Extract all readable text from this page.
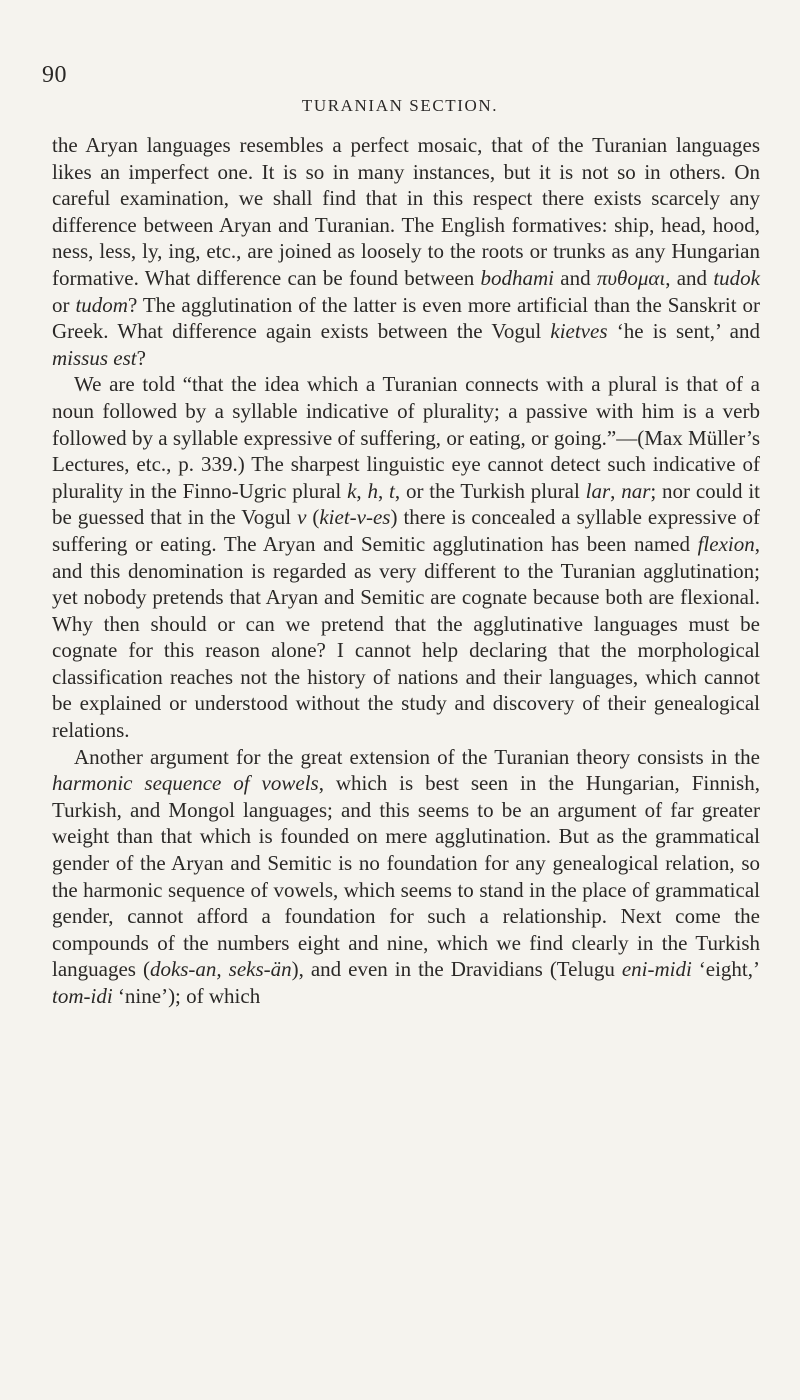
90
TURANIAN SECTION.

the Aryan languages resembles a perfect mosaic, that of the Turanian languages likes an imperfect one. It is so in many instances, but it is not so in others. On careful examination, we shall find that in this respect there exists scarcely any difference between Aryan and Turanian. The English formatives: ship, head, hood, ness, less, ly, ing, etc., are joined as loosely to the roots or trunks as any Hungarian formative. What difference can be found between bodhami and πυθομαι, and tudok or tudom? The agglutination of the latter is even more artificial than the Sanskrit or Greek. What difference again exists between the Vogul kietves ‘he is sent,’ and missus est?

We are told “that the idea which a Turanian connects with a plural is that of a noun followed by a syllable indicative of plurality; a passive with him is a verb followed by a syllable expressive of suffering, or eating, or going.”—(Max Müller’s Lectures, etc., p. 339.) The sharpest linguistic eye cannot detect such indicative of plurality in the Finno-Ugric plural k, h, t, or the Turkish plural lar, nar; nor could it be guessed that in the Vogul v (kiet-v-es) there is concealed a syllable expressive of suffering or eating. The Aryan and Semitic agglutination has been named flexion, and this denomination is regarded as very different to the Turanian agglutination; yet nobody pretends that Aryan and Semitic are cognate because both are flexional. Why then should or can we pretend that the agglutinative languages must be cognate for this reason alone? I cannot help declaring that the morphological classification reaches not the history of nations and their languages, which cannot be explained or understood without the study and discovery of their genealogical relations.

Another argument for the great extension of the Turanian theory consists in the harmonic sequence of vowels, which is best seen in the Hungarian, Finnish, Turkish, and Mongol languages; and this seems to be an argument of far greater weight than that which is founded on mere agglutination. But as the grammatical gender of the Aryan and Semitic is no foundation for any genealogical relation, so the harmonic sequence of vowels, which seems to stand in the place of grammatical gender, cannot afford a foundation for such a relationship. Next come the compounds of the numbers eight and nine, which we find clearly in the Turkish languages (doks-an, seks-än), and even in the Dravidians (Telugu eni-midi ‘eight,’ tom-idi ‘nine’); of which
